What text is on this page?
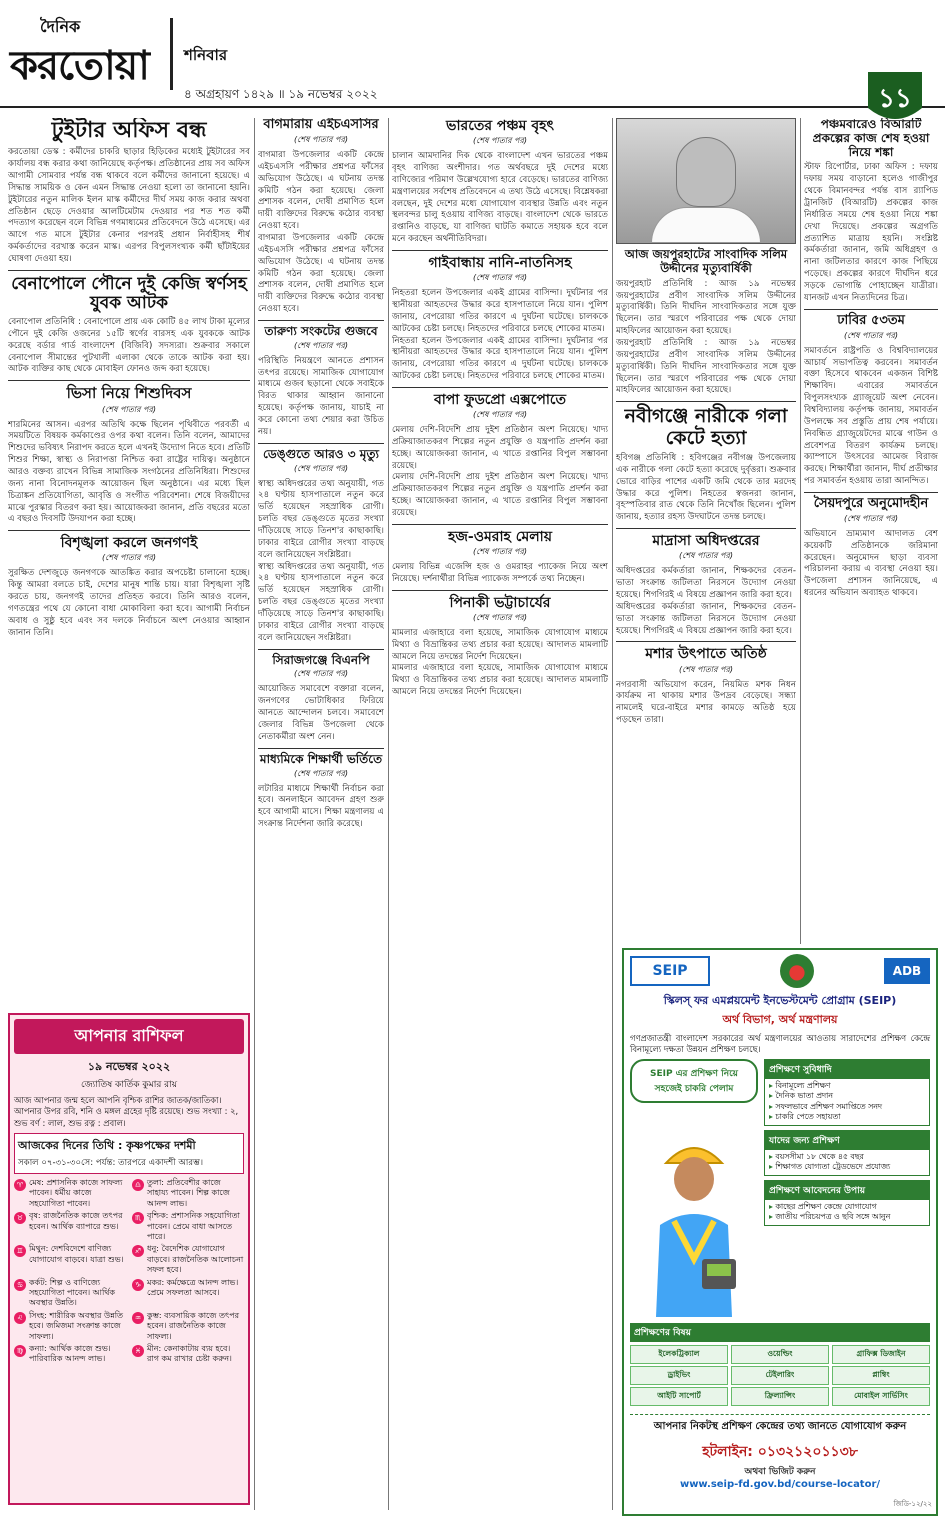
দৈনিক
করতোয়া শনিবার
৪ অগ্রহায়ণ ১৪২৯ ॥ ১৯ নভেম্বর ২০২২	১১
টুইটার অফিস বন্ধ
করতোয়া ডেস্ক : কর্মীদের চাকরি ছাড়ার হিড়িকের মধ্যেই টুইটারের সব কার্যালয় বন্ধ করার কথা জানিয়েছে কর্তৃপক্ষ। প্রতিষ্ঠানের প্রায় সব অফিস আগামী সোমবার পর্যন্ত বন্ধ থাকবে বলে কর্মীদের জানানো হয়েছে। এ সিদ্ধান্ত সাময়িক ও কেন এমন সিদ্ধান্ত নেওয়া হলো তা জানানো হয়নি। টুইটারের নতুন মালিক ইলন মাস্ক কর্মীদের দীর্ঘ সময় কাজ করার অথবা প্রতিষ্ঠান ছেড়ে দেওয়ার আলটিমেটাম দেওয়ার পর শত শত কর্মী পদত্যাগ করেছেন বলে বিভিন্ন গণমাধ্যমের প্রতিবেদনে উঠে এসেছে। এর আগে গত মাসে টুইটার কেনার পরপরই প্রধান নির্বাহীসহ শীর্ষ কর্মকর্তাদের বরখাস্ত করেন মাস্ক। এরপর বিপুলসংখ্যক কর্মী ছাঁটাইয়ের ঘোষণা দেওয়া হয়।
বেনাপোলে পৌনে দুই কেজি স্বর্ণসহ যুবক আটক
বেনাপোল প্রতিনিধি : বেনাপোলে প্রায় এক কোটি ৪৫ লাখ টাকা মূল্যের পৌনে দুই কেজি ওজনের ১৫টি স্বর্ণের বারসহ এক যুবককে আটক করেছে বর্ডার গার্ড বাংলাদেশ (বিজিবি) সদস্যরা। শুক্রবার সকালে বেনাপোল সীমান্তের পুটখালী এলাকা থেকে তাকে আটক করা হয়। আটক ব্যক্তির কাছ থেকে মোবাইল ফোনও জব্দ করা হয়েছে।
ভিসা নিয়ে শিশুদিবস
(শেষ পাতার পর)
শারমিনের আসন। এরপর অতিথি কক্ষে ছিলেন পৃথিবীতে পরবর্তী এ সময়টিতে বিষয়ক কর্মকাণ্ডের ওপর কথা বলেন। তিনি বলেন, আমাদের শিশুদের ভবিষ্যৎ নিরাপদ করতে হলে এখনই উদ্যোগ নিতে হবে। প্রতিটি শিশুর শিক্ষা, স্বাস্থ্য ও নিরাপত্তা নিশ্চিত করা রাষ্ট্রের দায়িত্ব। অনুষ্ঠানে আরও বক্তব্য রাখেন বিভিন্ন সামাজিক সংগঠনের প্রতিনিধিরা। শিশুদের জন্য নানা বিনোদনমূলক আয়োজন ছিল অনুষ্ঠানে। এর মধ্যে ছিল চিত্রাঙ্কন প্রতিযোগিতা, আবৃত্তি ও সংগীত পরিবেশনা। শেষে বিজয়ীদের মাঝে পুরস্কার বিতরণ করা হয়। আয়োজকরা জানান, প্রতি বছরের মতো এ বছরও দিবসটি উদযাপন করা হচ্ছে।
বিশৃঙ্খলা করলে জনগণই
(শেষ পাতার পর)
সুরক্ষিত দেশজুড়ে জনগণকে আতঙ্কিত করার অপচেষ্টা চালানো হচ্ছে। কিন্তু আমরা বলতে চাই, দেশের মানুষ শান্তি চায়। যারা বিশৃঙ্খলা সৃষ্টি করতে চায়, জনগণই তাদের প্রতিহত করবে। তিনি আরও বলেন, গণতন্ত্রের পথে যে কোনো বাধা মোকাবিলা করা হবে। আগামী নির্বাচন অবাধ ও সুষ্ঠু হবে এবং সব দলকে নির্বাচনে অংশ নেওয়ার আহ্বান জানান তিনি।
আপনার রাশিফল
১৯ নভেম্বর ২০২২
জ্যোতিষ কার্তিক কুমার রায়
আজ আপনার জন্ম হলে আপনি বৃশ্চিক রাশির জাতক/জাতিকা। আপনার উপর রবি, শনি ও মঙ্গল গ্রহের দৃষ্টি রয়েছে। শুভ সংখ্যা : ২, শুভ বর্ণ : লাল, শুভ রত্ন : প্রবাল।
আজকের দিনের তিথি : কৃষ্ণপক্ষের দশমী
সকাল ০৭-৩১-৩০সে: পর্যন্ত: তারপরে একাদশী আরম্ভ।
♈ মেষ: প্রশাসনিক কাজে সাফল্য পাবেন। ধর্মীয় কাজে সহযোগিতা পাবেন।
♎ তুলা: প্রতিবেশীর কাজে সাহায্য পাবেন। শিল্প কাজে আনন্দ লাভ।
♉ বৃষ: রাজনৈতিক কাজে তৎপর হবেন। আর্থিক ব্যাপারে শুভ।
♏ বৃশ্চিক: প্রশাসনিক সহযোগিতা পাবেন। প্রেমে বাধা আসতে পারে।
♊ মিথুন: দেশবিদেশে বাণিজ্য যোগাযোগ বাড়বে। যাত্রা শুভ।
♐ ধনু: বৈদেশিক যোগাযোগ বাড়বে। রাজনৈতিক আলোচনা সফল হবে।
♋ কর্কট: শিল্প ও বাণিজ্যে সহযোগিতা পাবেন। আর্থিক অবস্থার উন্নতি।
♑ মকর: কর্মক্ষেত্রে আনন্দ লাভ। প্রেমে সফলতা আসবে।
♌ সিংহ: শারীরিক অবস্থার উন্নতি হবে। জমিজমা সংক্রান্ত কাজে সাফল্য।
♒ কুম্ভ: ব্যবসায়িক কাজে তৎপর হবেন। রাজনৈতিক কাজে সাফল্য।
♍ কন্যা: আর্থিক কাজে শুভ। পারিবারিক আনন্দ লাভ।
♓ মীন: কেনাকাটায় ব্যয় হবে। রাগ কম রাখার চেষ্টা করুন।
বাগমারায় এইচএসসির
(শেষ পাতার পর)
বাগমারা উপজেলার একটি কেন্দ্রে এইচএসসি পরীক্ষার প্রশ্নপত্র ফাঁসের অভিযোগ উঠেছে। এ ঘটনায় তদন্ত কমিটি গঠন করা হয়েছে। জেলা প্রশাসক বলেন, দোষী প্রমাণিত হলে দায়ী ব্যক্তিদের বিরুদ্ধে কঠোর ব্যবস্থা নেওয়া হবে।
বাগমারা উপজেলার একটি কেন্দ্রে এইচএসসি পরীক্ষার প্রশ্নপত্র ফাঁসের অভিযোগ উঠেছে। এ ঘটনায় তদন্ত কমিটি গঠন করা হয়েছে। জেলা প্রশাসক বলেন, দোষী প্রমাণিত হলে দায়ী ব্যক্তিদের বিরুদ্ধে কঠোর ব্যবস্থা নেওয়া হবে।
তারুণ্য সংকটের গুজবে
(শেষ পাতার পর)
পরিস্থিতি নিয়ন্ত্রণে আনতে প্রশাসন তৎপর রয়েছে। সামাজিক যোগাযোগ মাধ্যমে গুজব ছড়ানো থেকে সবাইকে বিরত থাকার আহ্বান জানানো হয়েছে। কর্তৃপক্ষ জানায়, যাচাই না করে কোনো তথ্য শেয়ার করা উচিত নয়।
ডেঙ্গুতে আরও ৩ মৃত্যু
(শেষ পাতার পর)
স্বাস্থ্য অধিদপ্তরের তথ্য অনুযায়ী, গত ২৪ ঘণ্টায় হাসপাতালে নতুন করে ভর্তি হয়েছেন সহস্রাধিক রোগী। চলতি বছর ডেঙ্গুতে মৃতের সংখ্যা দাঁড়িয়েছে সাড়ে তিনশ'র কাছাকাছি। ঢাকার বাইরে রোগীর সংখ্যা বাড়ছে বলে জানিয়েছেন সংশ্লিষ্টরা।
স্বাস্থ্য অধিদপ্তরের তথ্য অনুযায়ী, গত ২৪ ঘণ্টায় হাসপাতালে নতুন করে ভর্তি হয়েছেন সহস্রাধিক রোগী। চলতি বছর ডেঙ্গুতে মৃতের সংখ্যা দাঁড়িয়েছে সাড়ে তিনশ'র কাছাকাছি। ঢাকার বাইরে রোগীর সংখ্যা বাড়ছে বলে জানিয়েছেন সংশ্লিষ্টরা।
সিরাজগঞ্জে বিএনপি
(শেষ পাতার পর)
আয়োজিত সমাবেশে বক্তারা বলেন, জনগণের ভোটাধিকার ফিরিয়ে আনতে আন্দোলন চলবে। সমাবেশে জেলার বিভিন্ন উপজেলা থেকে নেতাকর্মীরা অংশ নেন।
মাধ্যমিকে শিক্ষার্থী ভর্তিতে
(শেষ পাতার পর)
লটারির মাধ্যমে শিক্ষার্থী নির্বাচন করা হবে। অনলাইনে আবেদন গ্রহণ শুরু হবে আগামী মাসে। শিক্ষা মন্ত্রণালয় এ সংক্রান্ত নির্দেশনা জারি করেছে।
ভারতের পঞ্চম বৃহৎ
(শেষ পাতার পর)
চালান আমদানির দিক থেকে বাংলাদেশ এখন ভারতের পঞ্চম বৃহৎ বাণিজ্য অংশীদার। গত অর্থবছরে দুই দেশের মধ্যে বাণিজ্যের পরিমাণ উল্লেখযোগ্য হারে বেড়েছে। ভারতের বাণিজ্য মন্ত্রণালয়ের সর্বশেষ প্রতিবেদনে এ তথ্য উঠে এসেছে। বিশ্লেষকরা বলছেন, দুই দেশের মধ্যে যোগাযোগ ব্যবস্থার উন্নতি এবং নতুন স্থলবন্দর চালু হওয়ায় বাণিজ্য বাড়ছে। বাংলাদেশ থেকে ভারতে রপ্তানিও বাড়ছে, যা বাণিজ্য ঘাটতি কমাতে সহায়ক হবে বলে মনে করছেন অর্থনীতিবিদরা।
গাইবান্ধায় নানি-নাতনিসহ
(শেষ পাতার পর)
নিহতরা হলেন উপজেলার একই গ্রামের বাসিন্দা। দুর্ঘটনার পর স্থানীয়রা আহতদের উদ্ধার করে হাসপাতালে নিয়ে যান। পুলিশ জানায়, বেপরোয়া গতির কারণে এ দুর্ঘটনা ঘটেছে। চালককে আটকের চেষ্টা চলছে। নিহতদের পরিবারে চলছে শোকের মাতম।
নিহতরা হলেন উপজেলার একই গ্রামের বাসিন্দা। দুর্ঘটনার পর স্থানীয়রা আহতদের উদ্ধার করে হাসপাতালে নিয়ে যান। পুলিশ জানায়, বেপরোয়া গতির কারণে এ দুর্ঘটনা ঘটেছে। চালককে আটকের চেষ্টা চলছে। নিহতদের পরিবারে চলছে শোকের মাতম।
বাপা ফুডপ্রো এক্সপোতে
(শেষ পাতার পর)
মেলায় দেশি-বিদেশি প্রায় দুইশ প্রতিষ্ঠান অংশ নিয়েছে। খাদ্য প্রক্রিয়াজাতকরণ শিল্পের নতুন প্রযুক্তি ও যন্ত্রপাতি প্রদর্শন করা হচ্ছে। আয়োজকরা জানান, এ খাতে রপ্তানির বিপুল সম্ভাবনা রয়েছে।
মেলায় দেশি-বিদেশি প্রায় দুইশ প্রতিষ্ঠান অংশ নিয়েছে। খাদ্য প্রক্রিয়াজাতকরণ শিল্পের নতুন প্রযুক্তি ও যন্ত্রপাতি প্রদর্শন করা হচ্ছে। আয়োজকরা জানান, এ খাতে রপ্তানির বিপুল সম্ভাবনা রয়েছে।
হজ-ওমরাহ মেলায়
(শেষ পাতার পর)
মেলায় বিভিন্ন এজেন্সি হজ ও ওমরাহর প্যাকেজ নিয়ে অংশ নিয়েছে। দর্শনার্থীরা বিভিন্ন প্যাকেজ সম্পর্কে তথ্য নিচ্ছেন।
পিনাকী ভট্টাচার্যের
(শেষ পাতার পর)
মামলার এজাহারে বলা হয়েছে, সামাজিক যোগাযোগ মাধ্যমে মিথ্যা ও বিভ্রান্তিকর তথ্য প্রচার করা হয়েছে। আদালত মামলাটি আমলে নিয়ে তদন্তের নির্দেশ দিয়েছেন।
মামলার এজাহারে বলা হয়েছে, সামাজিক যোগাযোগ মাধ্যমে মিথ্যা ও বিভ্রান্তিকর তথ্য প্রচার করা হয়েছে। আদালত মামলাটি আমলে নিয়ে তদন্তের নির্দেশ দিয়েছেন।
আজ জয়পুরহাটের সাংবাদিক সলিম উদ্দীনের মৃত্যুবার্ষিকী
জয়পুরহাট প্রতিনিধি : আজ ১৯ নভেম্বর জয়পুরহাটের প্রবীণ সাংবাদিক সলিম উদ্দীনের মৃত্যুবার্ষিকী। তিনি দীর্ঘদিন সাংবাদিকতার সঙ্গে যুক্ত ছিলেন। তার স্মরণে পরিবারের পক্ষ থেকে দোয়া মাহফিলের আয়োজন করা হয়েছে।
জয়পুরহাট প্রতিনিধি : আজ ১৯ নভেম্বর জয়পুরহাটের প্রবীণ সাংবাদিক সলিম উদ্দীনের মৃত্যুবার্ষিকী। তিনি দীর্ঘদিন সাংবাদিকতার সঙ্গে যুক্ত ছিলেন। তার স্মরণে পরিবারের পক্ষ থেকে দোয়া মাহফিলের আয়োজন করা হয়েছে।
নবীগঞ্জে নারীকে গলা কেটে হত্যা
হবিগঞ্জ প্রতিনিধি : হবিগঞ্জের নবীগঞ্জ উপজেলায় এক নারীকে গলা কেটে হত্যা করেছে দুর্বৃত্তরা। শুক্রবার ভোরে বাড়ির পাশের একটি জমি থেকে তার মরদেহ উদ্ধার করে পুলিশ। নিহতের স্বজনরা জানান, বৃহস্পতিবার রাত থেকে তিনি নিখোঁজ ছিলেন। পুলিশ জানায়, হত্যার রহস্য উদঘাটনে তদন্ত চলছে।
মাদ্রাসা অধিদপ্তরের
(শেষ পাতার পর)
অধিদপ্তরের কর্মকর্তারা জানান, শিক্ষকদের বেতন-ভাতা সংক্রান্ত জটিলতা নিরসনে উদ্যোগ নেওয়া হয়েছে। শিগগিরই এ বিষয়ে প্রজ্ঞাপন জারি করা হবে।
অধিদপ্তরের কর্মকর্তারা জানান, শিক্ষকদের বেতন-ভাতা সংক্রান্ত জটিলতা নিরসনে উদ্যোগ নেওয়া হয়েছে। শিগগিরই এ বিষয়ে প্রজ্ঞাপন জারি করা হবে।
মশার উৎপাতে অতিষ্ঠ
(শেষ পাতার পর)
নগরবাসী অভিযোগ করেন, নিয়মিত মশক নিধন কার্যক্রম না থাকায় মশার উপদ্রব বেড়েছে। সন্ধ্যা নামলেই ঘরে-বাইরে মশার কামড়ে অতিষ্ঠ হয়ে পড়ছেন তারা।
পঞ্চমবারেও বিআরটি প্রকল্পের কাজ শেষ হওয়া নিয়ে শঙ্কা
স্টাফ রিপোর্টার, ঢাকা অফিস : দফায় দফায় সময় বাড়ানো হলেও গাজীপুর থেকে বিমানবন্দর পর্যন্ত বাস র‍্যাপিড ট্রানজিট (বিআরটি) প্রকল্পের কাজ নির্ধারিত সময়ে শেষ হওয়া নিয়ে শঙ্কা দেখা দিয়েছে। প্রকল্পের অগ্রগতি প্রত্যাশিত মাত্রায় হয়নি। সংশ্লিষ্ট কর্মকর্তারা জানান, জমি অধিগ্রহণ ও নানা জটিলতার কারণে কাজ পিছিয়ে পড়েছে। প্রকল্পের কারণে দীর্ঘদিন ধরে সড়কে ভোগান্তি পোহাচ্ছেন যাত্রীরা। যানজট এখন নিত্যদিনের চিত্র।
ঢাবির ৫৩তম
(শেষ পাতার পর)
সমাবর্তনে রাষ্ট্রপতি ও বিশ্ববিদ্যালয়ের আচার্য সভাপতিত্ব করবেন। সমাবর্তন বক্তা হিসেবে থাকবেন একজন বিশিষ্ট শিক্ষাবিদ। এবারের সমাবর্তনে বিপুলসংখ্যক গ্র্যাজুয়েট অংশ নেবেন। বিশ্ববিদ্যালয় কর্তৃপক্ষ জানায়, সমাবর্তন উপলক্ষে সব প্রস্তুতি প্রায় শেষ পর্যায়ে। নিবন্ধিত গ্র্যাজুয়েটদের মাঝে গাউন ও প্রবেশপত্র বিতরণ কার্যক্রম চলছে। ক্যাম্পাসে উৎসবের আমেজ বিরাজ করছে। শিক্ষার্থীরা জানান, দীর্ঘ প্রতীক্ষার পর সমাবর্তন হওয়ায় তারা আনন্দিত।
সৈয়দপুরে অনুমোদহীন
(শেষ পাতার পর)
অভিযানে ভ্রাম্যমাণ আদালত বেশ কয়েকটি প্রতিষ্ঠানকে জরিমানা করেছেন। অনুমোদন ছাড়া ব্যবসা পরিচালনা করায় এ ব্যবস্থা নেওয়া হয়। উপজেলা প্রশাসন জানিয়েছে, এ ধরনের অভিযান অব্যাহত থাকবে।
SEIP	●	ADB
স্কিলস্ ফর এমপ্লয়মেন্ট ইনভেস্টমেন্ট প্রোগ্রাম (SEIP)
অর্থ বিভাগ, অর্থ মন্ত্রণালয়
গণপ্রজাতন্ত্রী বাংলাদেশ সরকারের অর্থ মন্ত্রণালয়ের আওতায় সারাদেশের প্রশিক্ষণ কেন্দ্রে বিনামূল্যে দক্ষতা উন্নয়ন প্রশিক্ষণ চলছে।
SEIP এর প্রশিক্ষণ নিয়ে সহজেই চাকরি পেলাম
প্রশিক্ষণে সুবিধাদি
▸ বিনামূল্যে প্রশিক্ষণ
▸ দৈনিক ভাতা প্রদান
▸ সফলভাবে প্রশিক্ষণ সমাপ্তিতে সনদ
▸ চাকরি পেতে সহায়তা
যাদের জন্য প্রশিক্ষণ
▸ বয়সসীমা ১৮ থেকে ৪৫ বছর
▸ শিক্ষাগত যোগ্যতা ট্রেডভেদে প্রযোজ্য
প্রশিক্ষণে আবেদনের উপায়
▸ কাছের প্রশিক্ষণ কেন্দ্রে যোগাযোগ
▸ জাতীয় পরিচয়পত্র ও ছবি সঙ্গে আনুন
প্রশিক্ষণের বিষয়
ইলেকট্রিক্যাল	ওয়েল্ডিং	গ্রাফিক্স ডিজাইন
ড্রাইভিং	টেইলারিং	প্লাম্বিং
আইটি সাপোর্ট	ফ্রিল্যান্সিং	মোবাইল সার্ভিসিং
আপনার নিকটস্থ প্রশিক্ষণ কেন্দ্রের তথ্য জানতে যোগাযোগ করুন
হটলাইন: ০১৩২১২০১১৩৮
অথবা ভিজিট করুন
www.seip-fd.gov.bd/course-locator/
জিডি-১২/২২
